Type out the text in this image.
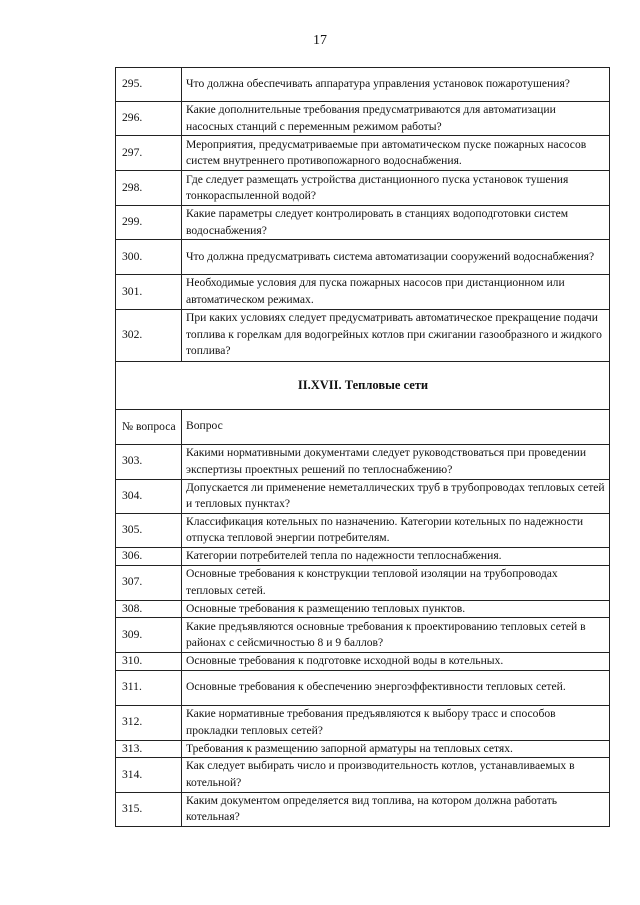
17
295.	Что должна обеспечивать аппаратура управления установок пожаротушения?
296.	Какие дополнительные требования предусматриваются для автоматизации насосных станций с переменным режимом работы?
297.	Мероприятия, предусматриваемые при автоматическом пуске пожарных насосов систем внутреннего противопожарного водоснабжения.
298.	Где следует размещать устройства дистанционного пуска установок тушения тонкораспыленной водой?
299.	Какие параметры следует контролировать в станциях водоподготовки систем водоснабжения?
300.	Что должна предусматривать система автоматизации сооружений водоснабжения?
301.	Необходимые условия для пуска пожарных насосов при дистанционном или автоматическом режимах.
302.	При каких условиях следует предусматривать автоматическое прекращение подачи топлива к горелкам для водогрейных котлов при сжигании газообразного и жидкого топлива?
II.XVII. Тепловые сети	
№ вопроса	Вопрос
303.	Какими нормативными документами следует руководствоваться при проведении экспертизы проектных решений по теплоснабжению?
304.	Допускается ли применение неметаллических труб в трубопроводах тепловых сетей и тепловых пунктах?
305.	Классификация котельных по назначению. Категории котельных по надежности отпуска тепловой энергии потребителям.
306.	Категории потребителей тепла по надежности теплоснабжения.
307.	Основные требования к конструкции тепловой изоляции на трубопроводах тепловых сетей.
308.	Основные требования к размещению тепловых пунктов.
309.	Какие предъявляются основные требования к проектированию тепловых сетей в районах с сейсмичностью 8 и 9 баллов?
310.	Основные требования к подготовке исходной воды в котельных.
311.	Основные требования к обеспечению энергоэффективности тепловых сетей.
312.	Какие нормативные требования предъявляются к выбору трасс и способов прокладки тепловых сетей?
313.	Требования к размещению запорной арматуры на тепловых сетях.
314.	Как следует выбирать число и производительность котлов, устанавливаемых в котельной?
315.	Каким документом определяется вид топлива, на котором должна работать котельная?
